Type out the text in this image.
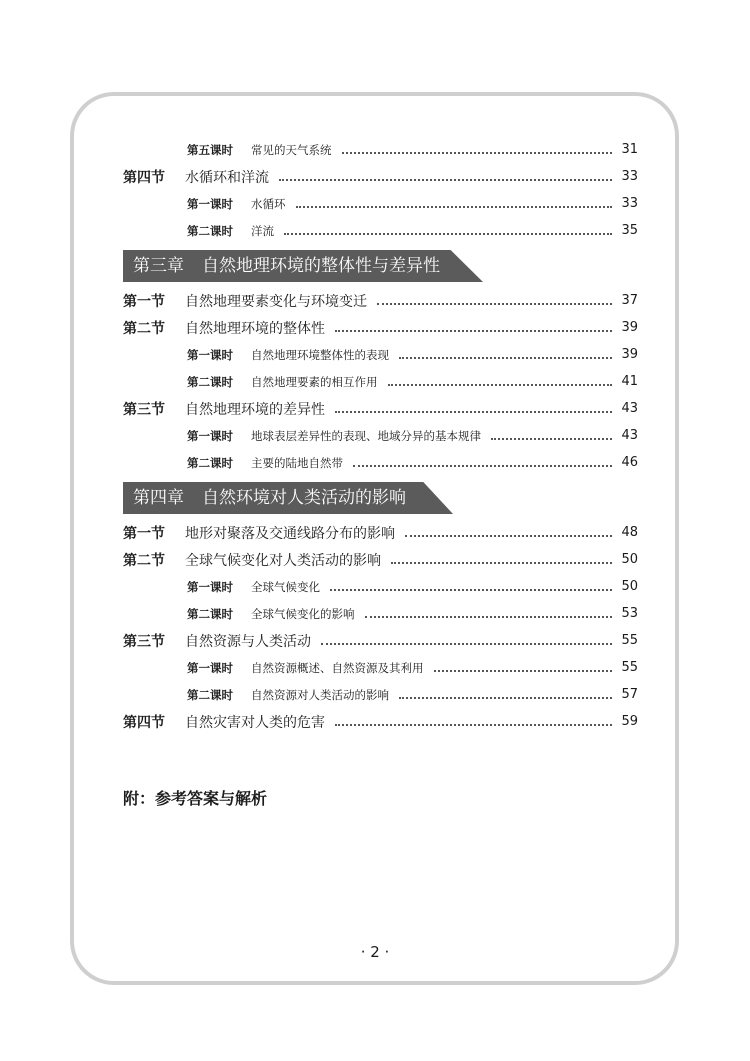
第五课时	常见的天气系统	31
第四节	水循环和洋流	33
第一课时	水循环	33
第二课时	洋流	35
第三章 自然地理环境的整体性与差异性
第一节	自然地理要素变化与环境变迁	37
第二节	自然地理环境的整体性	39
第一课时	自然地理环境整体性的表现	39
第二课时	自然地理要素的相互作用	41
第三节	自然地理环境的差异性	43
第一课时	地球表层差异性的表现、地域分异的基本规律	43
第二课时	主要的陆地自然带	46
第四章 自然环境对人类活动的影响
第一节	地形对聚落及交通线路分布的影响	48
第二节	全球气候变化对人类活动的影响	50
第一课时	全球气候变化	50
第二课时	全球气候变化的影响	53
第三节	自然资源与人类活动	55
第一课时	自然资源概述、自然资源及其利用	55
第二课时	自然资源对人类活动的影响	57
第四节	自然灾害对人类的危害	59
附：参考答案与解析
· 2 ·
